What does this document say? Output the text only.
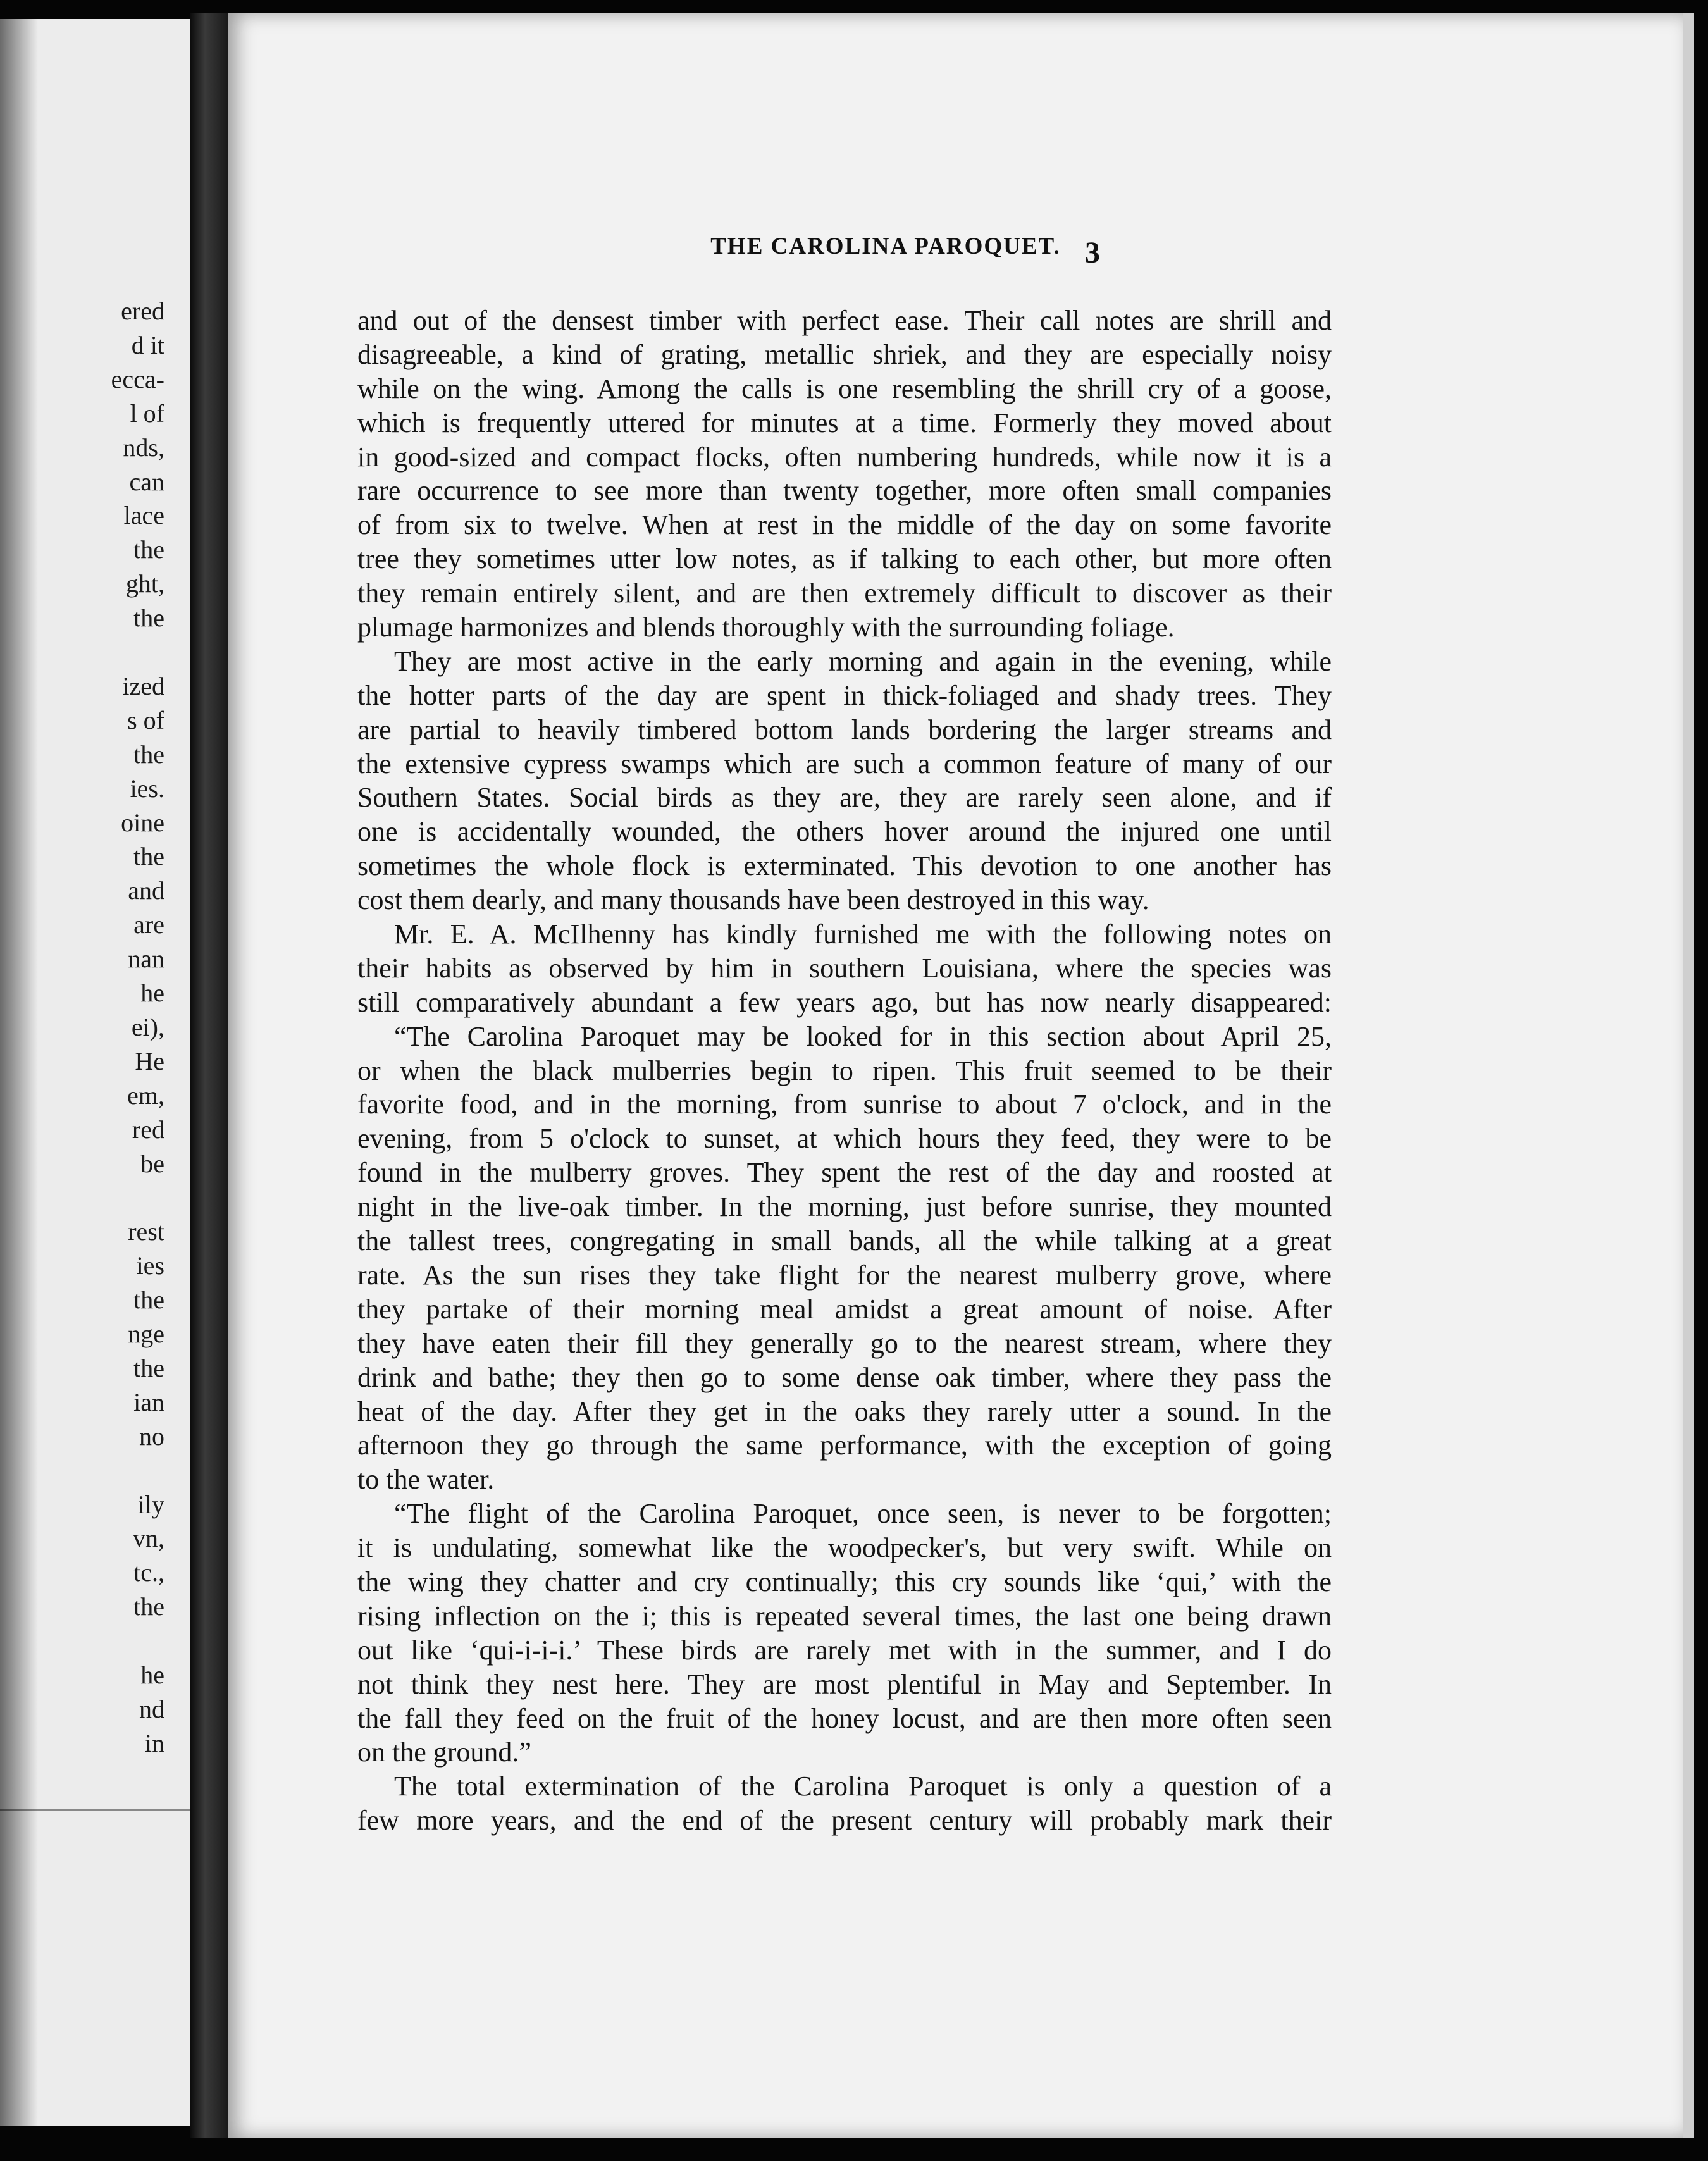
ered
d it
ecca-
l of
nds,
can
lace
the
ght,
the
ized
s of
the
ies.
oine
the
and
are
nan
he
ei),
He
em,
red
be
rest
ies
the
nge
the
ian
no
ily
vn,
tc.,
the
he
nd
in
THE CAROLINA PAROQUET. 3
and out of the densest timber with perfect ease. Their call notes are shrill and
disagreeable, a kind of grating, metallic shriek, and they are especially noisy
while on the wing. Among the calls is one resembling the shrill cry of a goose,
which is frequently uttered for minutes at a time. Formerly they moved about
in good-sized and compact flocks, often numbering hundreds, while now it is a
rare occurrence to see more than twenty together, more often small companies
of from six to twelve. When at rest in the middle of the day on some favorite
tree they sometimes utter low notes, as if talking to each other, but more often
they remain entirely silent, and are then extremely difficult to discover as their
plumage harmonizes and blends thoroughly with the surrounding foliage.
They are most active in the early morning and again in the evening, while
the hotter parts of the day are spent in thick-foliaged and shady trees. They
are partial to heavily timbered bottom lands bordering the larger streams and
the extensive cypress swamps which are such a common feature of many of our
Southern States. Social birds as they are, they are rarely seen alone, and if
one is accidentally wounded, the others hover around the injured one until
sometimes the whole flock is exterminated. This devotion to one another has
cost them dearly, and many thousands have been destroyed in this way.
Mr. E. A. McIlhenny has kindly furnished me with the following notes on
their habits as observed by him in southern Louisiana, where the species was
still comparatively abundant a few years ago, but has now nearly disappeared:
“The Carolina Paroquet may be looked for in this section about April 25,
or when the black mulberries begin to ripen. This fruit seemed to be their
favorite food, and in the morning, from sunrise to about 7 o'clock, and in the
evening, from 5 o'clock to sunset, at which hours they feed, they were to be
found in the mulberry groves. They spent the rest of the day and roosted at
night in the live-oak timber. In the morning, just before sunrise, they mounted
the tallest trees, congregating in small bands, all the while talking at a great
rate. As the sun rises they take flight for the nearest mulberry grove, where
they partake of their morning meal amidst a great amount of noise. After
they have eaten their fill they generally go to the nearest stream, where they
drink and bathe; they then go to some dense oak timber, where they pass the
heat of the day. After they get in the oaks they rarely utter a sound. In the
afternoon they go through the same performance, with the exception of going
to the water.
“The flight of the Carolina Paroquet, once seen, is never to be forgotten;
it is undulating, somewhat like the woodpecker's, but very swift. While on
the wing they chatter and cry continually; this cry sounds like ‘qui,’ with the
rising inflection on the i; this is repeated several times, the last one being drawn
out like ‘qui-i-i-i.’ These birds are rarely met with in the summer, and I do
not think they nest here. They are most plentiful in May and September. In
the fall they feed on the fruit of the honey locust, and are then more often seen
on the ground.”
The total extermination of the Carolina Paroquet is only a question of a
few more years, and the end of the present century will probably mark their
